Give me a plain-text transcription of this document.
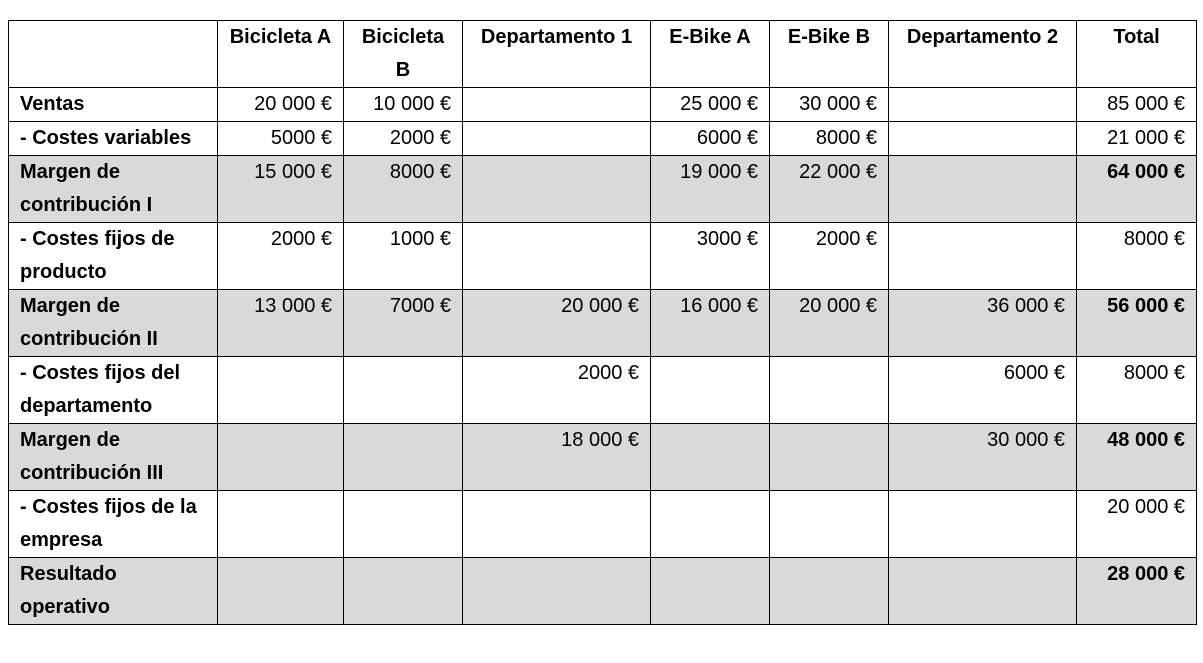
	Bicicleta A	Bicicleta B	Departamento 1	E-Bike A	E-Bike B	Departamento 2	Total
Ventas	20 000 €	10 000 €		25 000 €	30 000 €		85 000 €
- Costes variables	5000 €	2000 €		6000 €	8000 €		21 000 €
Margen de contribución I	15 000 €	8000 €		19 000 €	22 000 €		64 000 €
- Costes fijos de producto	2000 €	1000 €		3000 €	2000 €		8000 €
Margen de contribución II	13 000 €	7000 €	20 000 €	16 000 €	20 000 €	36 000 €	56 000 €
- Costes fijos del departamento			2000 €			6000 €	8000 €
Margen de contribución III			18 000 €			30 000 €	48 000 €
- Costes fijos de la empresa							20 000 €
Resultado operativo							28 000 €
